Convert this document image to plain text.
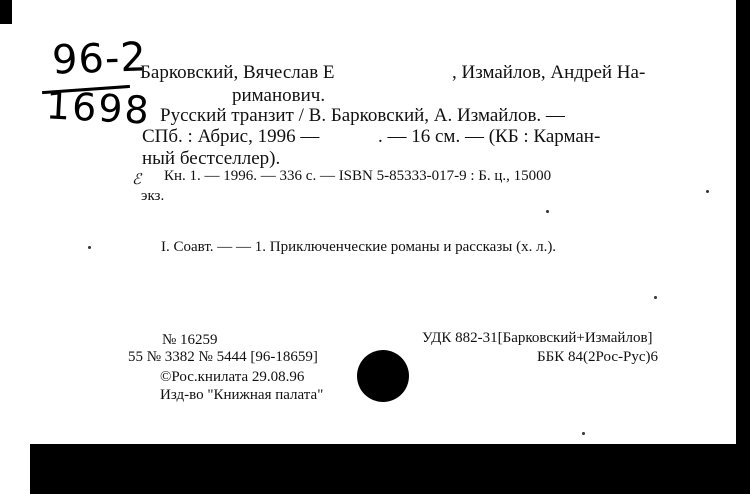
96-2
1698
Барковский, Вячеслав Е	, Измайлов, Андрей На-
риманович.
Русский транзит / В. Барковский, А. Измайлов. —
СПб. : Абрис, 1996 —	. — 16 см. — (КБ : Карман-
ный бестселлер).
ℰ Кн. 1. — 1996. — 336 с. — ISBN 5-85333-017-9 : Б. ц., 15000
экз.
I. Соавт. — — 1. Приключенческие романы и рассказы (х. л.).
№ 16259
55 № 3382 № 5444 [96-18659]
©Рос.книлата 29.08.96
Изд-во "Книжная палата"
УДК 882-31[Барковский+Измайлов]
ББК 84(2Рос-Рус)6
